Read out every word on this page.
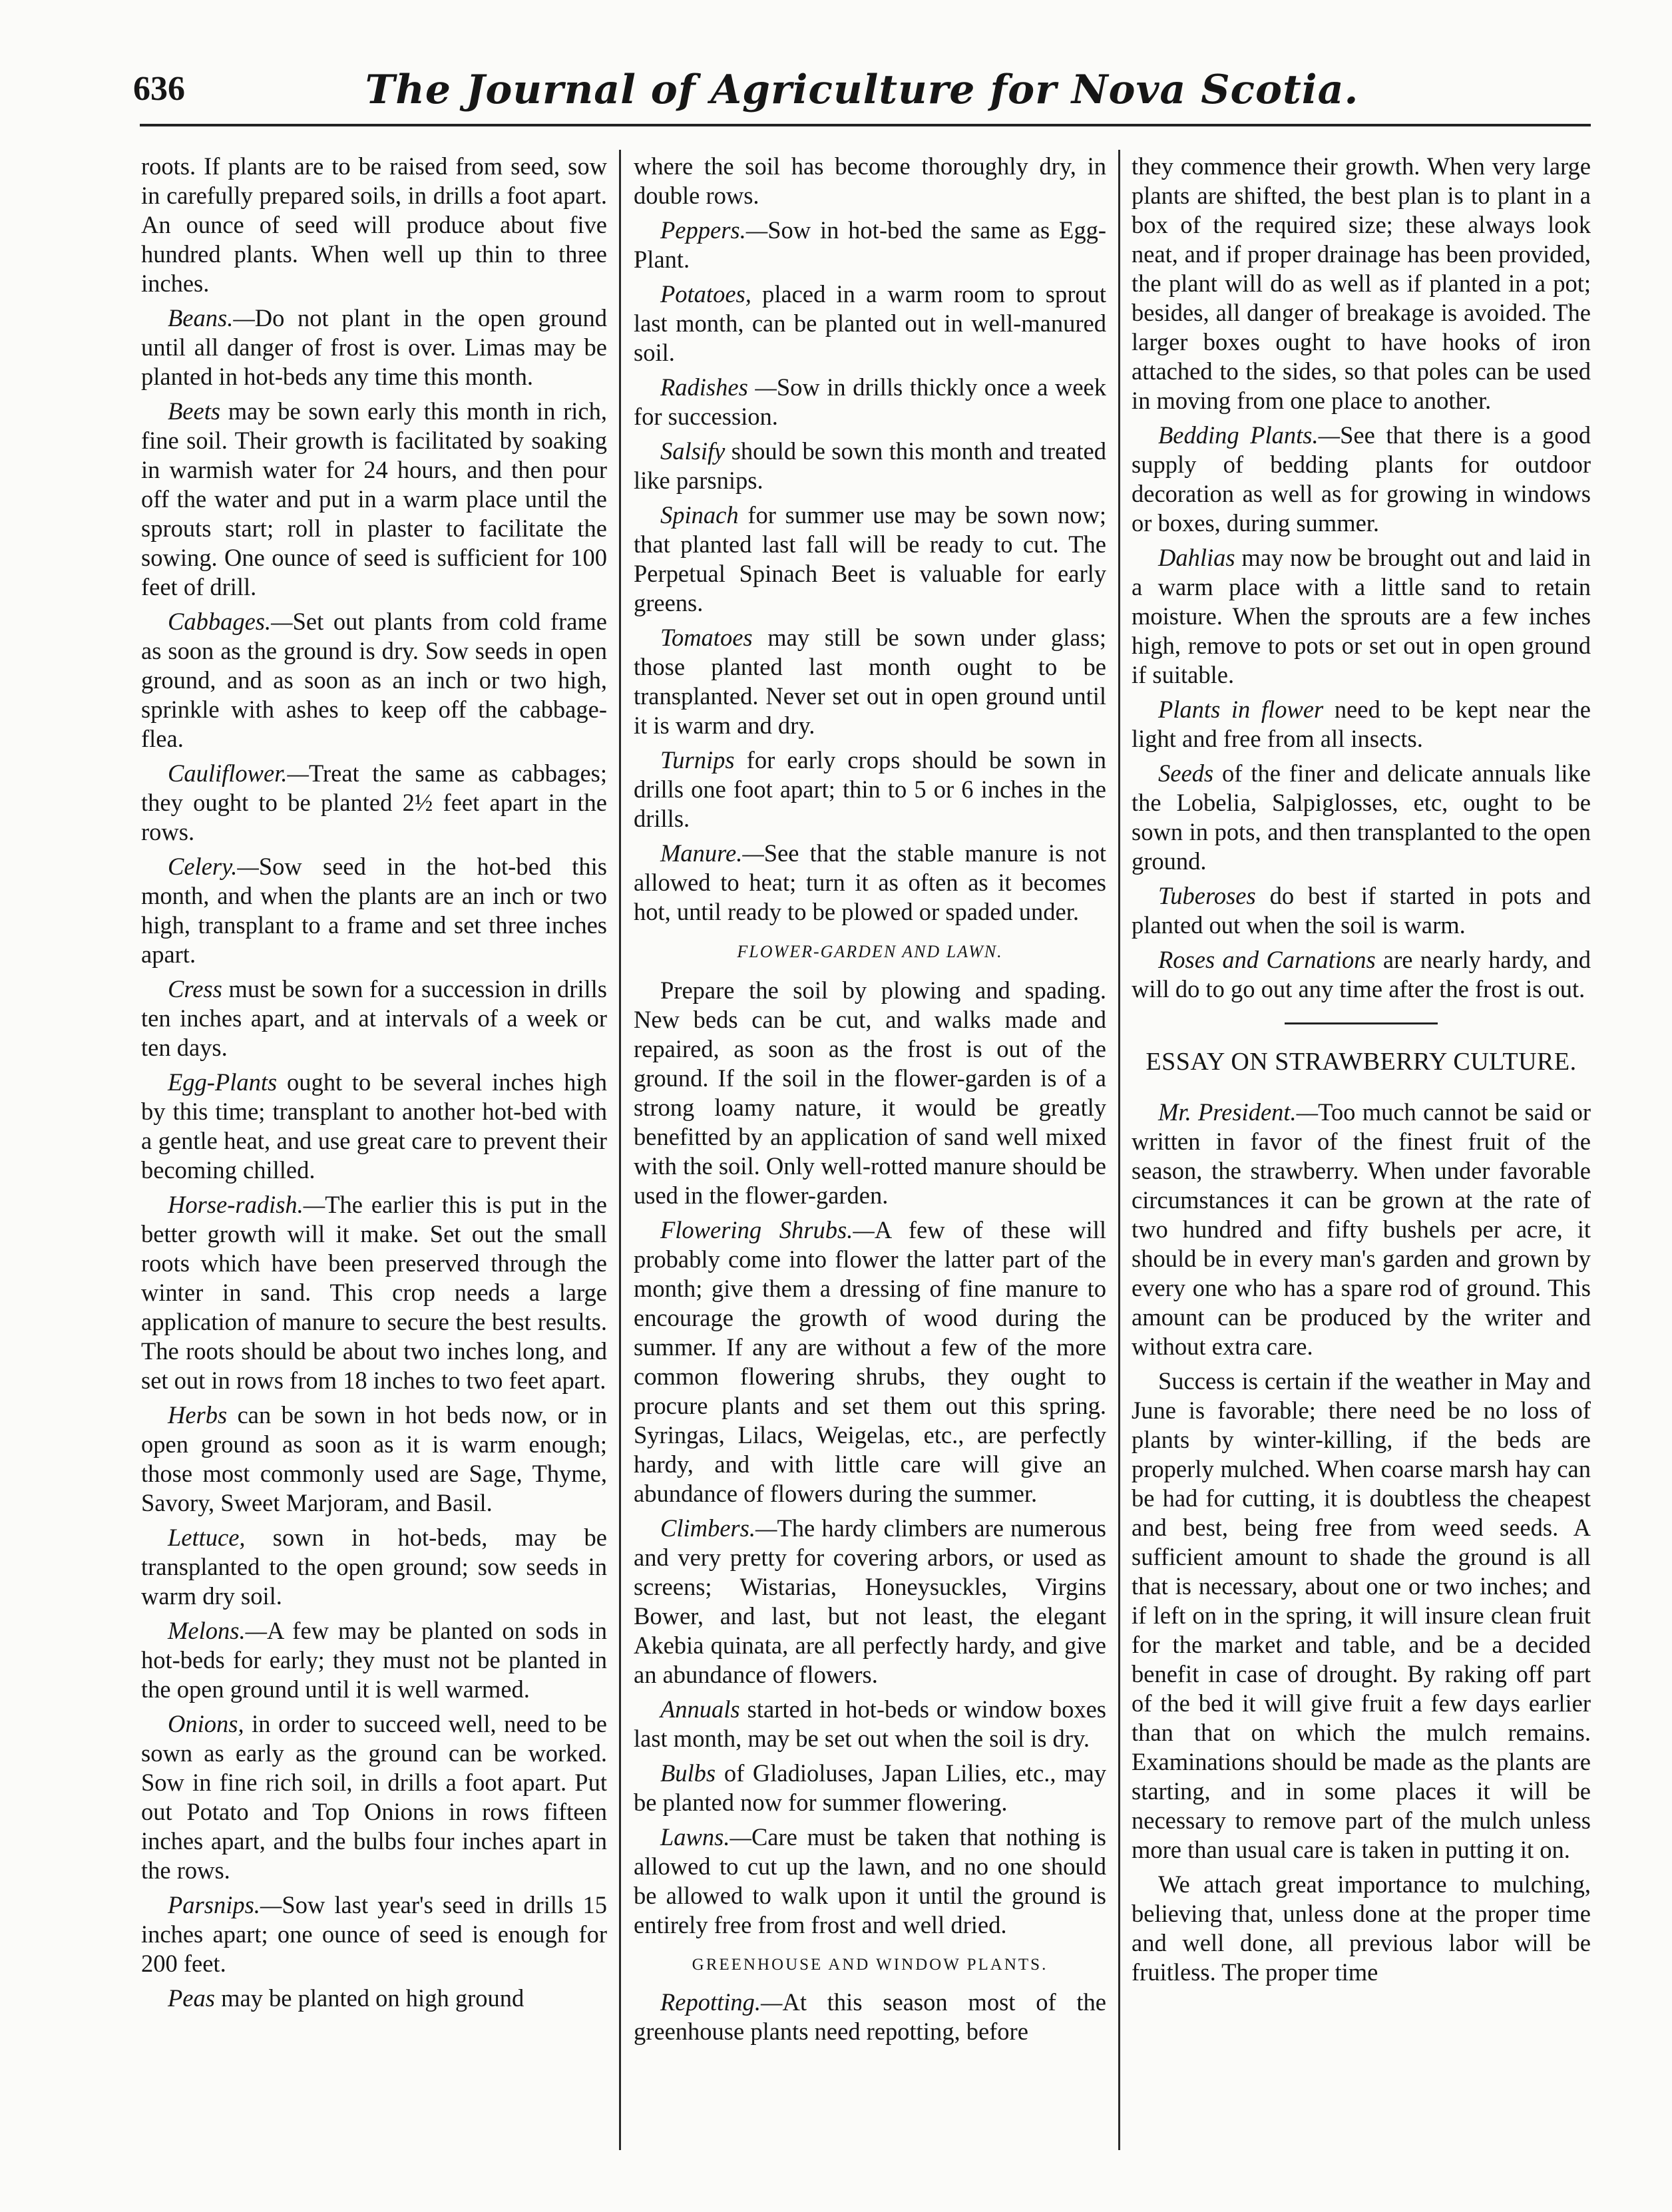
636	The Journal of Agriculture for Nova Scotia.

roots. If plants are to be raised from seed, sow in carefully prepared soils, in drills a foot apart. An ounce of seed will produce about five hundred plants. When well up thin to three inches.

Beans.—Do not plant in the open ground until all danger of frost is over. Limas may be planted in hot-beds any time this month.

Beets may be sown early this month in rich, fine soil. Their growth is facilitated by soaking in warmish water for 24 hours, and then pour off the water and put in a warm place until the sprouts start; roll in plaster to facilitate the sowing. One ounce of seed is sufficient for 100 feet of drill.

Cabbages.—Set out plants from cold frame as soon as the ground is dry. Sow seeds in open ground, and as soon as an inch or two high, sprinkle with ashes to keep off the cabbage-flea.

Cauliflower.—Treat the same as cabbages; they ought to be planted 2½ feet apart in the rows.

Celery.—Sow seed in the hot-bed this month, and when the plants are an inch or two high, transplant to a frame and set three inches apart.

Cress must be sown for a succession in drills ten inches apart, and at intervals of a week or ten days.

Egg-Plants ought to be several inches high by this time; transplant to another hot-bed with a gentle heat, and use great care to prevent their becoming chilled.

Horse-radish.—The earlier this is put in the better growth will it make. Set out the small roots which have been preserved through the winter in sand. This crop needs a large application of manure to secure the best results. The roots should be about two inches long, and set out in rows from 18 inches to two feet apart.

Herbs can be sown in hot beds now, or in open ground as soon as it is warm enough; those most commonly used are Sage, Thyme, Savory, Sweet Marjoram, and Basil.

Lettuce, sown in hot-beds, may be transplanted to the open ground; sow seeds in warm dry soil.

Melons.—A few may be planted on sods in hot-beds for early; they must not be planted in the open ground until it is well warmed.

Onions, in order to succeed well, need to be sown as early as the ground can be worked. Sow in fine rich soil, in drills a foot apart. Put out Potato and Top Onions in rows fifteen inches apart, and the bulbs four inches apart in the rows.

Parsnips.—Sow last year's seed in drills 15 inches apart; one ounce of seed is enough for 200 feet.

Peas may be planted on high ground

where the soil has become thoroughly dry, in double rows.

Peppers.—Sow in hot-bed the same as Egg-Plant.

Potatoes, placed in a warm room to sprout last month, can be planted out in well-manured soil.

Radishes —Sow in drills thickly once a week for succession.

Salsify should be sown this month and treated like parsnips.

Spinach for summer use may be sown now; that planted last fall will be ready to cut. The Perpetual Spinach Beet is valuable for early greens.

Tomatoes may still be sown under glass; those planted last month ought to be transplanted. Never set out in open ground until it is warm and dry.

Turnips for early crops should be sown in drills one foot apart; thin to 5 or 6 inches in the drills.

Manure.—See that the stable manure is not allowed to heat; turn it as often as it becomes hot, until ready to be plowed or spaded under.

FLOWER-GARDEN AND LAWN.

Prepare the soil by plowing and spading. New beds can be cut, and walks made and repaired, as soon as the frost is out of the ground. If the soil in the flower-garden is of a strong loamy nature, it would be greatly benefitted by an application of sand well mixed with the soil. Only well-rotted manure should be used in the flower-garden.

Flowering Shrubs.—A few of these will probably come into flower the latter part of the month; give them a dressing of fine manure to encourage the growth of wood during the summer. If any are without a few of the more common flowering shrubs, they ought to procure plants and set them out this spring. Syringas, Lilacs, Weigelas, etc., are perfectly hardy, and with little care will give an abundance of flowers during the summer.

Climbers.—The hardy climbers are numerous and very pretty for covering arbors, or used as screens; Wistarias, Honeysuckles, Virgins Bower, and last, but not least, the elegant Akebia quinata, are all perfectly hardy, and give an abundance of flowers.

Annuals started in hot-beds or window boxes last month, may be set out when the soil is dry.

Bulbs of Gladioluses, Japan Lilies, etc., may be planted now for summer flowering.

Lawns.—Care must be taken that nothing is allowed to cut up the lawn, and no one should be allowed to walk upon it until the ground is entirely free from frost and well dried.

GREENHOUSE AND WINDOW PLANTS.

Repotting.—At this season most of the greenhouse plants need repotting, before

they commence their growth. When very large plants are shifted, the best plan is to plant in a box of the required size; these always look neat, and if proper drainage has been provided, the plant will do as well as if planted in a pot; besides, all danger of breakage is avoided. The larger boxes ought to have hooks of iron attached to the sides, so that poles can be used in moving from one place to another.

Bedding Plants.—See that there is a good supply of bedding plants for outdoor decoration as well as for growing in windows or boxes, during summer.

Dahlias may now be brought out and laid in a warm place with a little sand to retain moisture. When the sprouts are a few inches high, remove to pots or set out in open ground if suitable.

Plants in flower need to be kept near the light and free from all insects.

Seeds of the finer and delicate annuals like the Lobelia, Salpiglosses, etc, ought to be sown in pots, and then transplanted to the open ground.

Tuberoses do best if started in pots and planted out when the soil is warm.

Roses and Carnations are nearly hardy, and will do to go out any time after the frost is out.

ESSAY ON STRAWBERRY CULTURE.

Mr. President.—Too much cannot be said or written in favor of the finest fruit of the season, the strawberry. When under favorable circumstances it can be grown at the rate of two hundred and fifty bushels per acre, it should be in every man's garden and grown by every one who has a spare rod of ground. This amount can be produced by the writer and without extra care.

Success is certain if the weather in May and June is favorable; there need be no loss of plants by winter-killing, if the beds are properly mulched. When coarse marsh hay can be had for cutting, it is doubtless the cheapest and best, being free from weed seeds. A sufficient amount to shade the ground is all that is necessary, about one or two inches; and if left on in the spring, it will insure clean fruit for the market and table, and be a decided benefit in case of drought. By raking off part of the bed it will give fruit a few days earlier than that on which the mulch remains. Examinations should be made as the plants are starting, and in some places it will be necessary to remove part of the mulch unless more than usual care is taken in putting it on.

We attach great importance to mulching, believing that, unless done at the proper time and well done, all previous labor will be fruitless. The proper time
